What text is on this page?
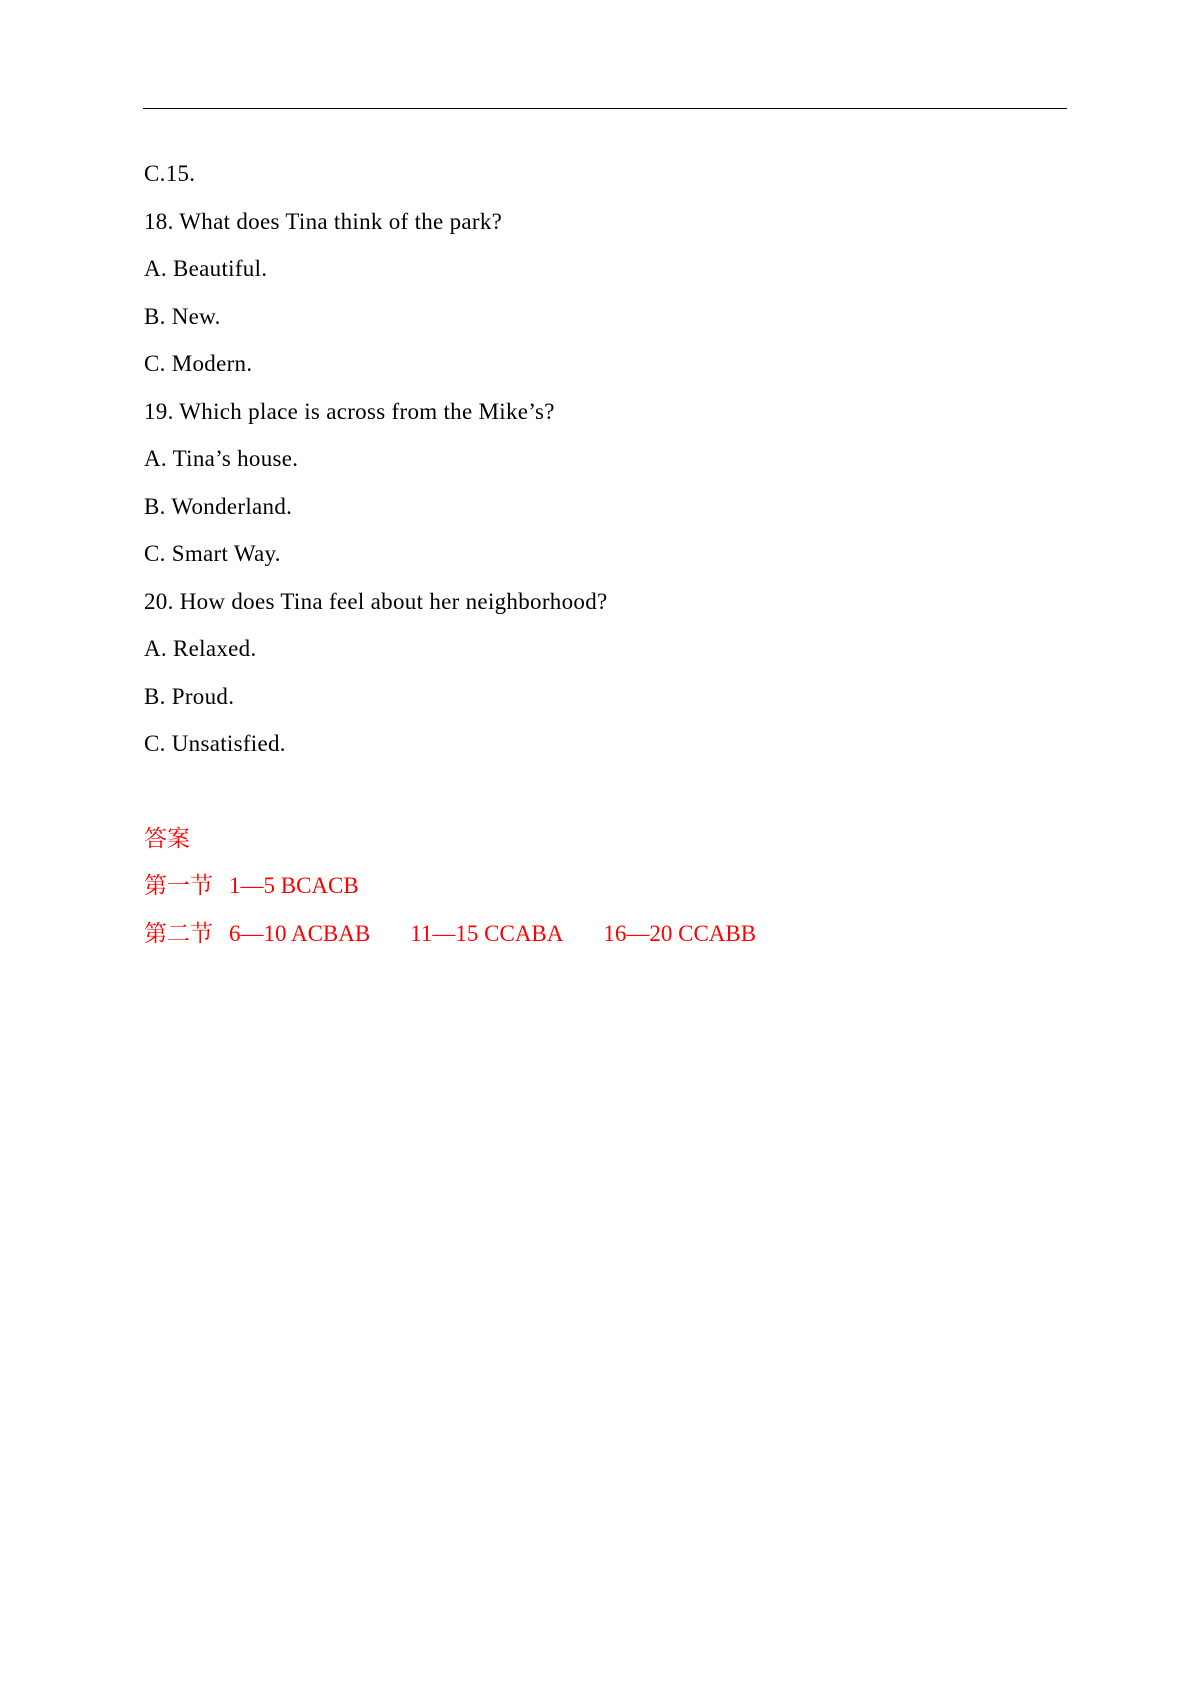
C.15.
18. What does Tina think of the park?
A. Beautiful.
B. New.
C. Modern.
19. Which place is across from the Mike’s?
A. Tina’s house.
B. Wonderland.
C. Smart Way.
20. How does Tina feel about her neighborhood?
A. Relaxed.
B. Proud.
C. Unsatisfied.
答案
第一节 1—5 BCACB
第二节 6—10 ACBAB 11—15 CCABA 16—20 CCABB
